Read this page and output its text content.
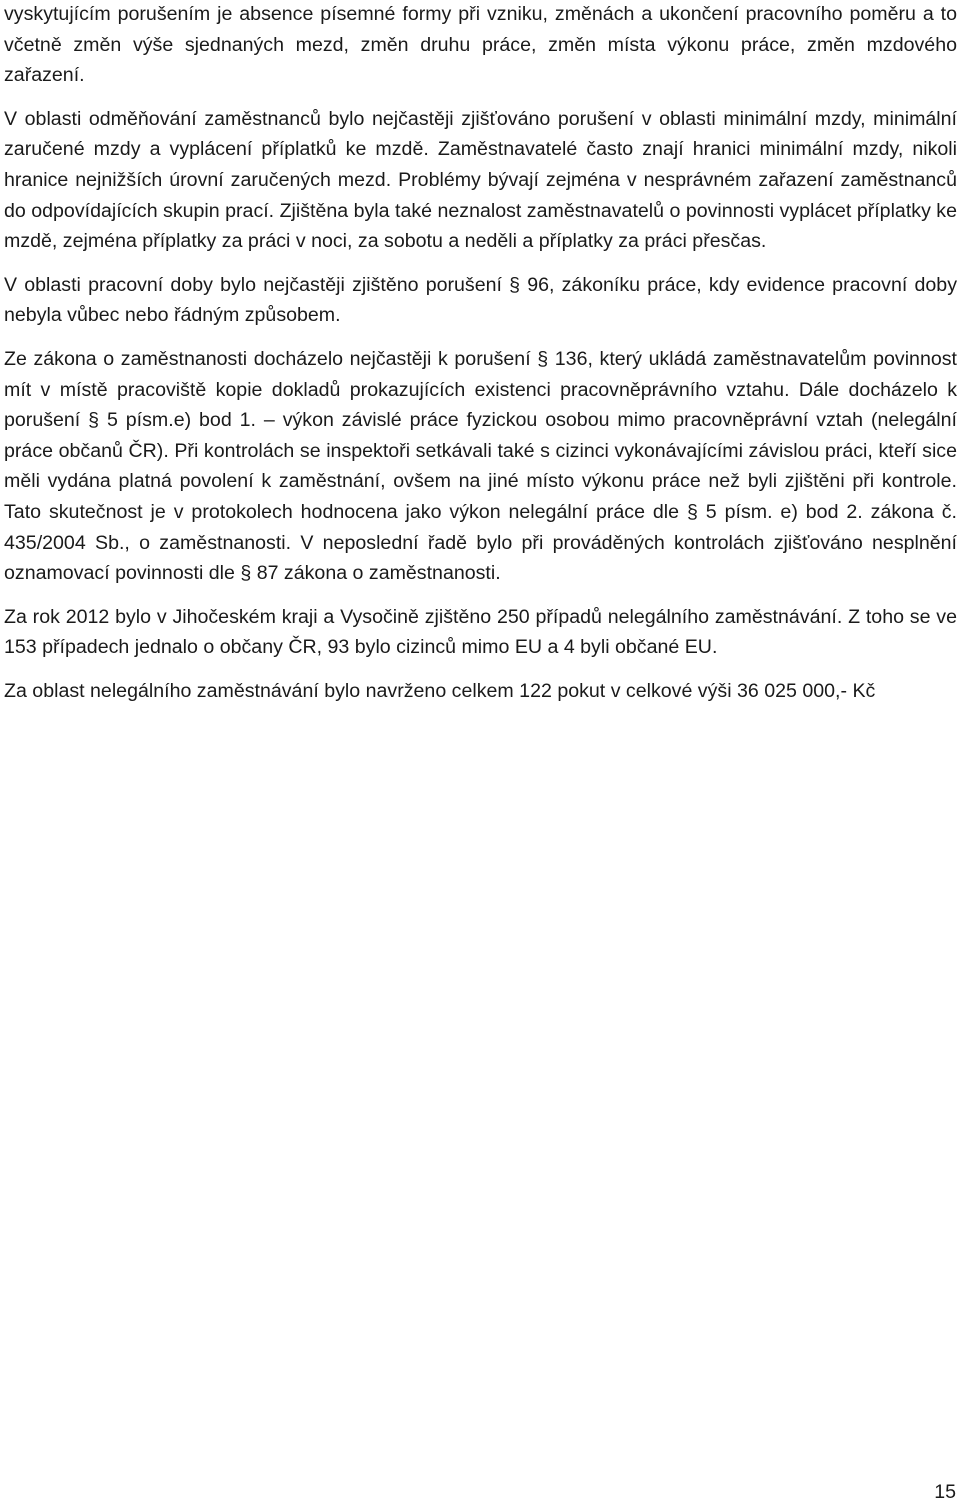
vyskytujícím porušením je absence písemné formy při vzniku, změnách a ukončení pracovního poměru a to včetně změn výše sjednaných mezd, změn druhu práce, změn místa výkonu práce, změn mzdového zařazení.

V oblasti odměňování zaměstnanců bylo nejčastěji zjišťováno porušení v oblasti minimální mzdy, minimální zaručené mzdy a vyplácení příplatků ke mzdě. Zaměstnavatelé často znají hranici minimální mzdy, nikoli hranice nejnižších úrovní zaručených mezd. Problémy bývají zejména v nesprávném zařazení zaměstnanců do odpovídajících skupin prací. Zjištěna byla také neznalost zaměstnavatelů o povinnosti vyplácet příplatky ke mzdě, zejména příplatky za práci v noci, za sobotu a neděli a příplatky za práci přesčas.

V oblasti pracovní doby bylo nejčastěji zjištěno porušení § 96, zákoníku práce, kdy evidence pracovní doby nebyla vůbec nebo řádným způsobem.

Ze zákona o zaměstnanosti docházelo nejčastěji k porušení § 136, který ukládá zaměstnavatelům povinnost mít v místě pracoviště kopie dokladů prokazujících existenci pracovněprávního vztahu. Dále docházelo k porušení § 5 písm.e) bod 1. – výkon závislé práce fyzickou osobou mimo pracovněprávní vztah (nelegální práce občanů ČR). Při kontrolách se inspektoři setkávali také s cizinci vykonávajícími závislou práci, kteří sice měli vydána platná povolení k zaměstnání, ovšem na jiné místo výkonu práce než byli zjištěni při kontrole. Tato skutečnost je v protokolech hodnocena jako výkon nelegální práce dle § 5 písm. e) bod 2. zákona č. 435/2004 Sb., o zaměstnanosti. V neposlední řadě bylo při prováděných kontrolách zjišťováno nesplnění oznamovací povinnosti dle § 87 zákona o zaměstnanosti.

Za rok 2012 bylo v Jihočeském kraji a Vysočině zjištěno 250 případů nelegálního zaměstnávání. Z toho se ve 153 případech jednalo o občany ČR, 93 bylo cizinců mimo EU a 4 byli občané EU.

Za oblast nelegálního zaměstnávání bylo navrženo celkem 122 pokut v celkové výši 36 025 000,- Kč

15
